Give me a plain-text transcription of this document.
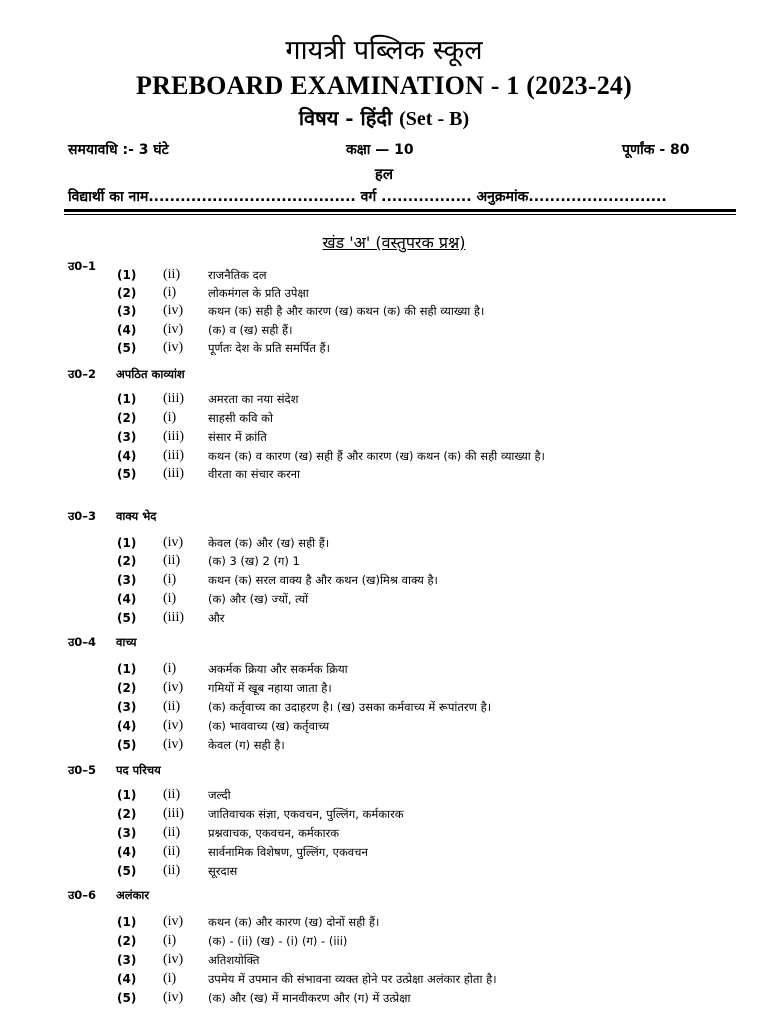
गायत्री पब्लिक स्कूल
PREBOARD EXAMINATION - 1 (2023-24)
विषय - हिंदी (Set - B)
समयावधि :- 3 घंटे	कक्षा — 10	पूर्णांक - 80
हल
विद्यार्थी का नाम....................................... वर्ग ................. अनुक्रमांक..........................
खंड 'अ' (वस्तुपरक प्रश्न)
उ0–1
(1) (ii) राजनैतिक दल
(2) (i)	लोकमंगल के प्रति उपेक्षा
(3) (iv) कथन (क) सही है और कारण (ख) कथन (क) की सही व्याख्या है।
(4) (iv) (क) व (ख) सही हैं।
(5) (iv) पूर्णतः देश के प्रति समर्पित हैं।
उ0–2 अपठित काव्यांश
(1) (iii) अमरता का नया संदेश
(2) (i)	साहसी कवि को
(3) (iii) संसार में क्रांति
(4) (iii) कथन (क) व कारण (ख) सही हैं और कारण (ख) कथन (क) की सही व्याख्या है।
(5) (iii) वीरता का संचार करना
उ0–3 वाक्य भेद
(1) (iv) केवल (क) और (ख) सही हैं।
(2) (ii) (क) 3 (ख) 2 (ग) 1
(3) (i)	कथन (क) सरल वाक्य है और कथन (ख)मिश्र वाक्य है।
(4) (i)	(क) और (ख) ज्यों, त्यों
(5) (iii) और
उ0–4 वाच्य
(1) (i)	अकर्मक क्रिया और सकर्मक क्रिया
(2) (iv) गमियों में खूब नहाया जाता है।
(3) (ii) (क) कर्तृवाच्य का उदाहरण है। (ख) उसका कर्मवाच्य में रूपांतरण है।
(4) (iv) (क) भाववाच्य (ख) कर्तृवाच्य
(5) (iv) केवल (ग) सही है।
उ0–5 पद परिचय
(1) (ii) जल्दी
(2) (iii) जातिवाचक संज्ञा, एकवचन, पुल्लिंग, कर्मकारक
(3) (ii) प्रश्नवाचक, एकवचन, कर्मकारक
(4) (ii) सार्वनामिक विशेषण, पुल्लिंग, एकवचन
(5) (ii) सूरदास
उ0–6 अलंकार
(1) (iv) कथन (क) और कारण (ख) दोनों सही हैं।
(2) (i)	(क) - (ii) (ख) - (i) (ग) - (iii)
(3) (iv) अतिशयोक्ति
(4) (i)	उपमेय में उपमान की संभावना व्यक्त होने पर उत्प्रेक्षा अलंकार होता है।
(5) (iv) (क) और (ख) में मानवीकरण और (ग) में उत्प्रेक्षा
